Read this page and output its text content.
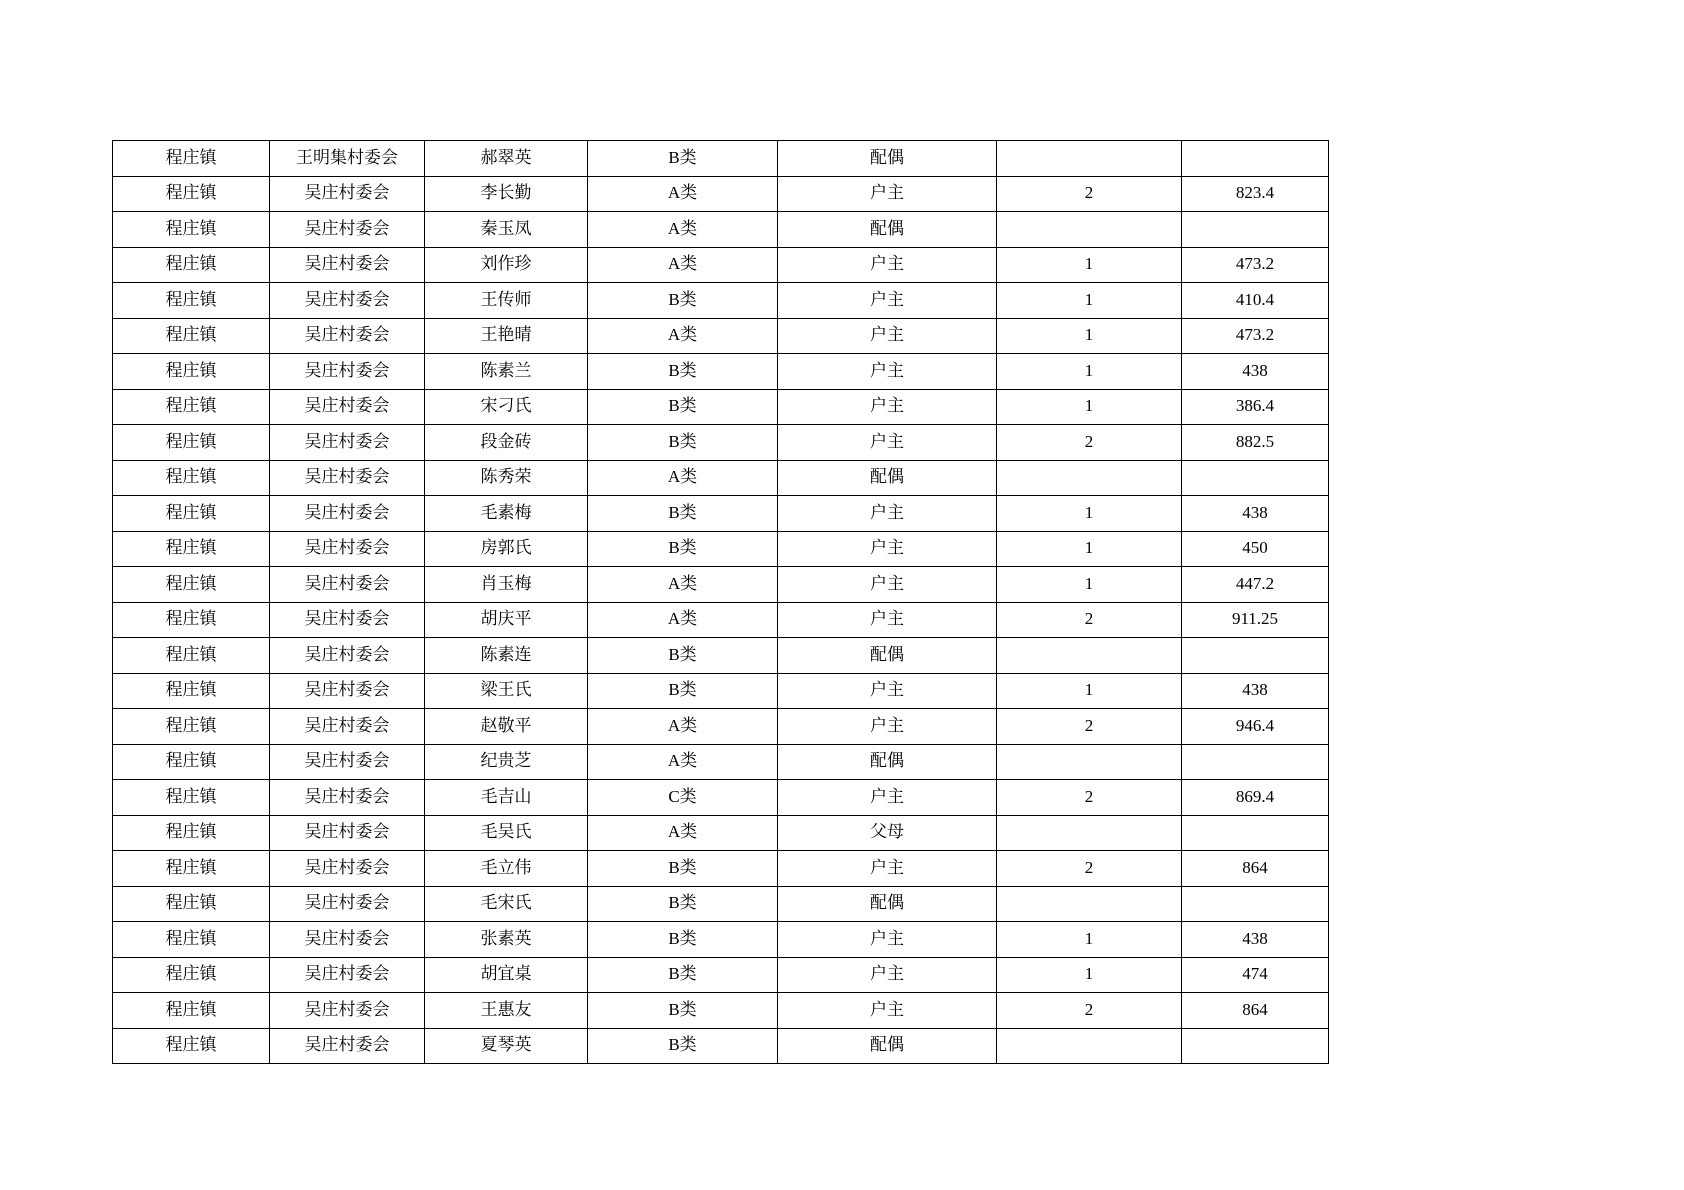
程庄镇	王明集村委会	郝翠英	B类	配偶		
程庄镇	吴庄村委会	李长勤	A类	户主	2	823.4
程庄镇	吴庄村委会	秦玉凤	A类	配偶		
程庄镇	吴庄村委会	刘作珍	A类	户主	1	473.2
程庄镇	吴庄村委会	王传师	B类	户主	1	410.4
程庄镇	吴庄村委会	王艳晴	A类	户主	1	473.2
程庄镇	吴庄村委会	陈素兰	B类	户主	1	438
程庄镇	吴庄村委会	宋刁氏	B类	户主	1	386.4
程庄镇	吴庄村委会	段金砖	B类	户主	2	882.5
程庄镇	吴庄村委会	陈秀荣	A类	配偶		
程庄镇	吴庄村委会	毛素梅	B类	户主	1	438
程庄镇	吴庄村委会	房郭氏	B类	户主	1	450
程庄镇	吴庄村委会	肖玉梅	A类	户主	1	447.2
程庄镇	吴庄村委会	胡庆平	A类	户主	2	911.25
程庄镇	吴庄村委会	陈素连	B类	配偶		
程庄镇	吴庄村委会	梁王氏	B类	户主	1	438
程庄镇	吴庄村委会	赵敬平	A类	户主	2	946.4
程庄镇	吴庄村委会	纪贵芝	A类	配偶		
程庄镇	吴庄村委会	毛吉山	C类	户主	2	869.4
程庄镇	吴庄村委会	毛吴氏	A类	父母		
程庄镇	吴庄村委会	毛立伟	B类	户主	2	864
程庄镇	吴庄村委会	毛宋氏	B类	配偶		
程庄镇	吴庄村委会	张素英	B类	户主	1	438
程庄镇	吴庄村委会	胡宜桌	B类	户主	1	474
程庄镇	吴庄村委会	王惠友	B类	户主	2	864
程庄镇	吴庄村委会	夏琴英	B类	配偶		
